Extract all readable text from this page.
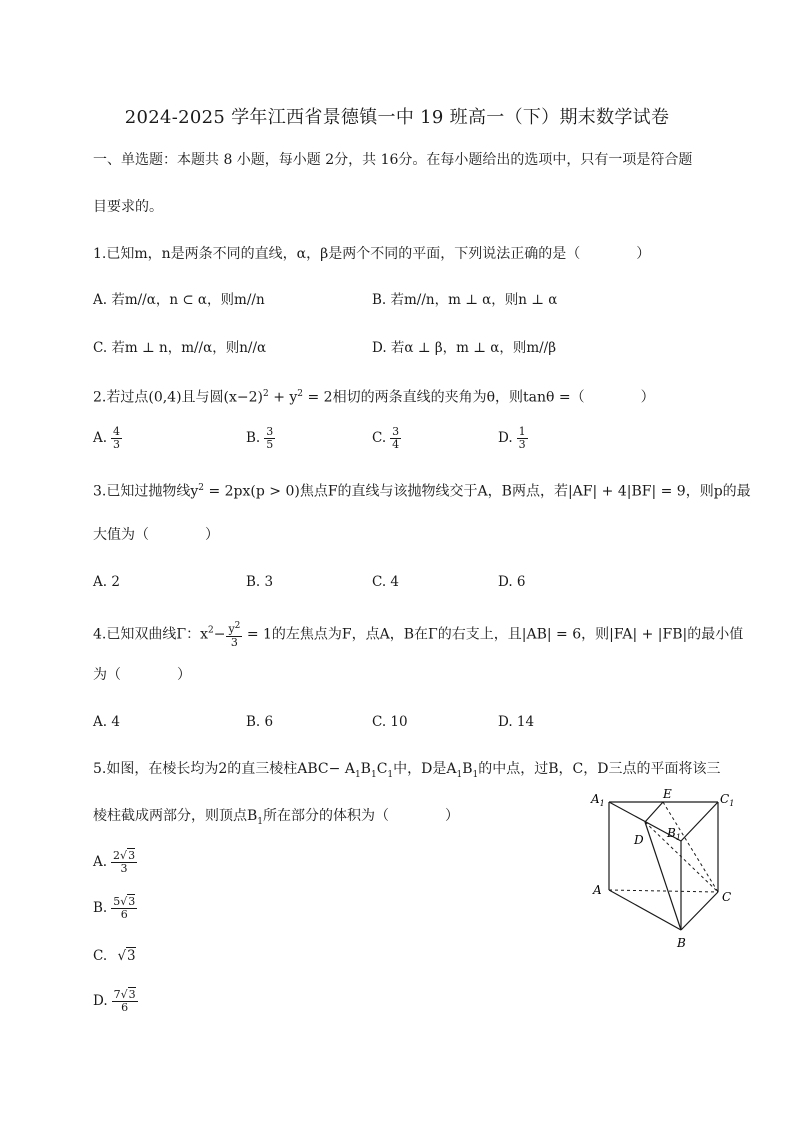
2024-2025 学年江西省景德镇一中 19 班高一（下）期末数学试卷
一、单选题：本题共 8 小题，每小题 2分，共 16分。在每小题给出的选项中，只有一项是符合题
目要求的。
1.已知m，n是两条不同的直线，α，β是两个不同的平面，下列说法正确的是（　　　　）
A. 若m//α，n ⊂ α，则m//n	B. 若m//n，m ⊥ α，则n ⊥ α
C. 若m ⊥ n，m//α，则n//α	D. 若α ⊥ β，m ⊥ α，则m//β
2.若过点(0,4)且与圆$(x-2)^2 + y^2 = 2$相切的两条直线的夹角为θ，则tanθ =（　　　　）
A. $\frac{4}{3}$	B. $\frac{3}{5}$	C. $\frac{3}{4}$	D. $\frac{1}{3}$
3.已知过抛物线$y^2 = 2px(p > 0)$焦点F的直线与该抛物线交于A，B两点，若|AF| + 4|BF| = 9，则p的最
大值为（　　　　）
A. 2	B. 3	C. 4	D. 6
4.已知双曲线Γ：$x^2- \frac{y^2}{3} = 1$的左焦点为F，点A，B在Γ的右支上，且|AB| = 6，则|FA| + |FB|的最小值
为（　　　　）
A. 4	B. 6	C. 10	D. 14
5.如图，在棱长均为2的直三棱柱$ABC- A_1B_1C_1$中，D是$A_1B_1$的中点，过B，C，D三点的平面将该三
棱柱截成两部分，则顶点$B_1$所在部分的体积为（　　　　）
A. $\frac{2√3}{3}$
B. $\frac{5√3}{6}$
C. √3
D. $\frac{7√3}{6}$
$A_1$
E	$C_1$
$B_1$
D
A	C
B
